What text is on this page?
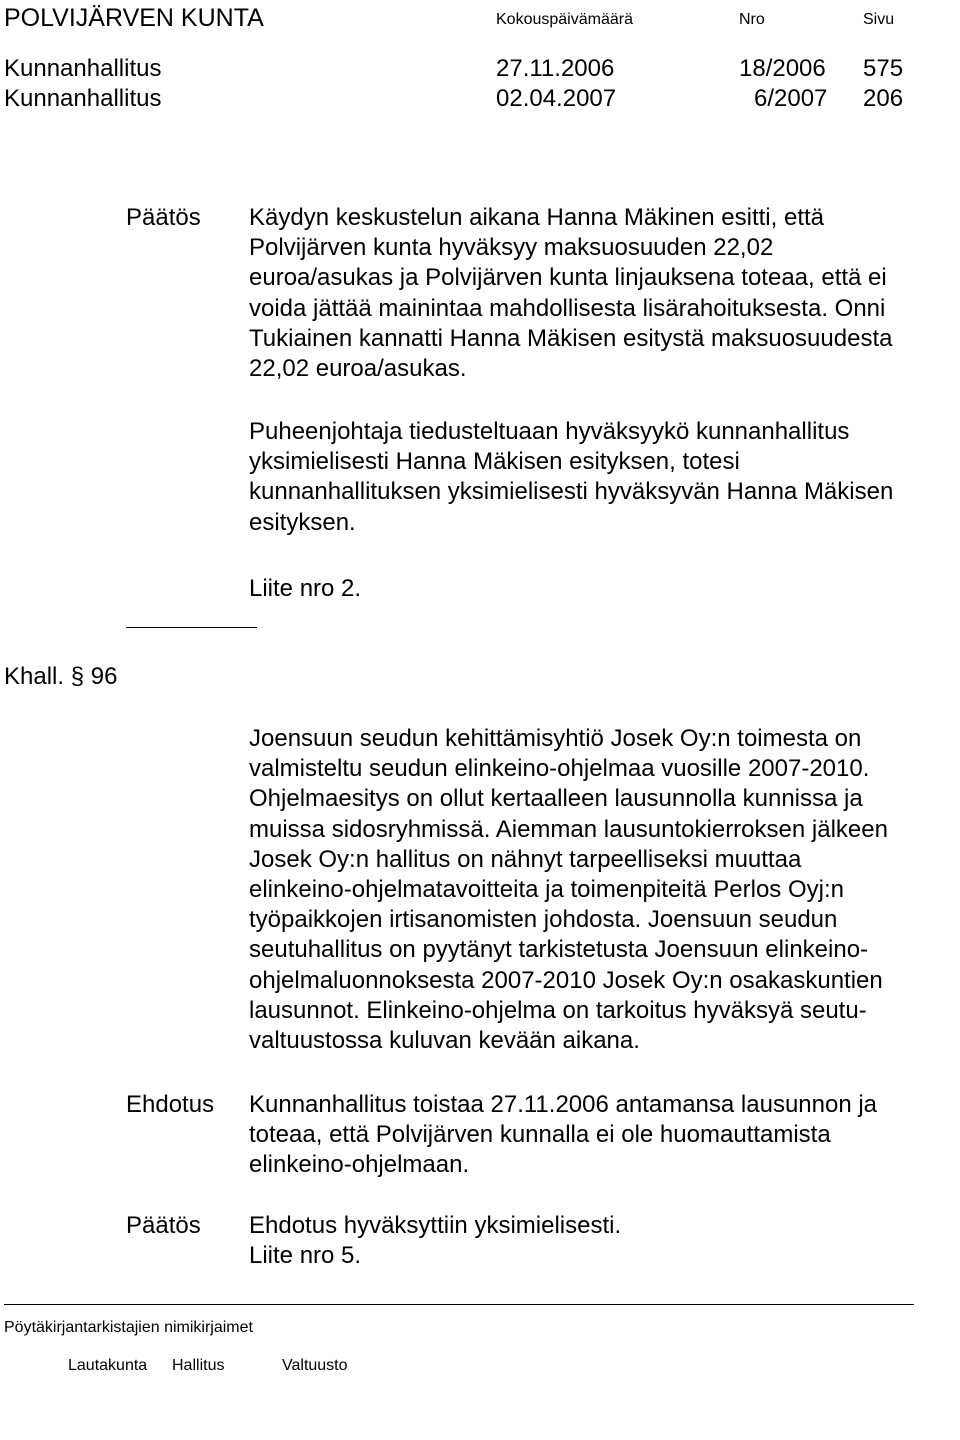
POLVIJÄRVEN KUNTA	Kokouspäivämäärä	Nro	Sivu
Kunnanhallitus	27.11.2006	18/2006 575
Kunnanhallitus	02.04.2007	6/2007 206
Päätös Käydyn keskustelun aikana Hanna Mäkinen esitti, että
Polvijärven kunta hyväksyy maksuosuuden 22,02
euroa/asukas ja Polvijärven kunta linjauksena toteaa, että ei
voida jättää mainintaa mahdollisesta lisärahoituksesta. Onni
Tukiainen kannatti Hanna Mäkisen esitystä maksuosuudesta
22,02 euroa/asukas.
Puheenjohtaja tiedusteltuaan hyväksyykö kunnanhallitus
yksimielisesti Hanna Mäkisen esityksen, totesi
kunnanhallituksen yksimielisesti hyväksyvän Hanna Mäkisen
esityksen.
Liite nro 2.
Khall. § 96
Joensuun seudun kehittämisyhtiö Josek Oy:n toimesta on
valmisteltu seudun elinkeino-ohjelmaa vuosille 2007-2010.
Ohjelmaesitys on ollut kertaalleen lausunnolla kunnissa ja
muissa sidosryhmissä. Aiemman lausuntokierroksen jälkeen
Josek Oy:n hallitus on nähnyt tarpeelliseksi muuttaa
elinkeino-ohjelmatavoitteita ja toimenpiteitä Perlos Oyj:n
työpaikkojen irtisanomisten johdosta. Joensuun seudun
seutuhallitus on pyytänyt tarkistetusta Joensuun elinkeino-
ohjelmaluonnoksesta 2007-2010 Josek Oy:n osakaskuntien
lausunnot. Elinkeino-ohjelma on tarkoitus hyväksyä seutu-
valtuustossa kuluvan kevään aikana.
Ehdotus Kunnanhallitus toistaa 27.11.2006 antamansa lausunnon ja
toteaa, että Polvijärven kunnalla ei ole huomauttamista
elinkeino-ohjelmaan.
Päätös Ehdotus hyväksyttiin yksimielisesti.
Liite nro 5.
Pöytäkirjantarkistajien nimikirjaimet
Lautakunta Hallitus	Valtuusto
